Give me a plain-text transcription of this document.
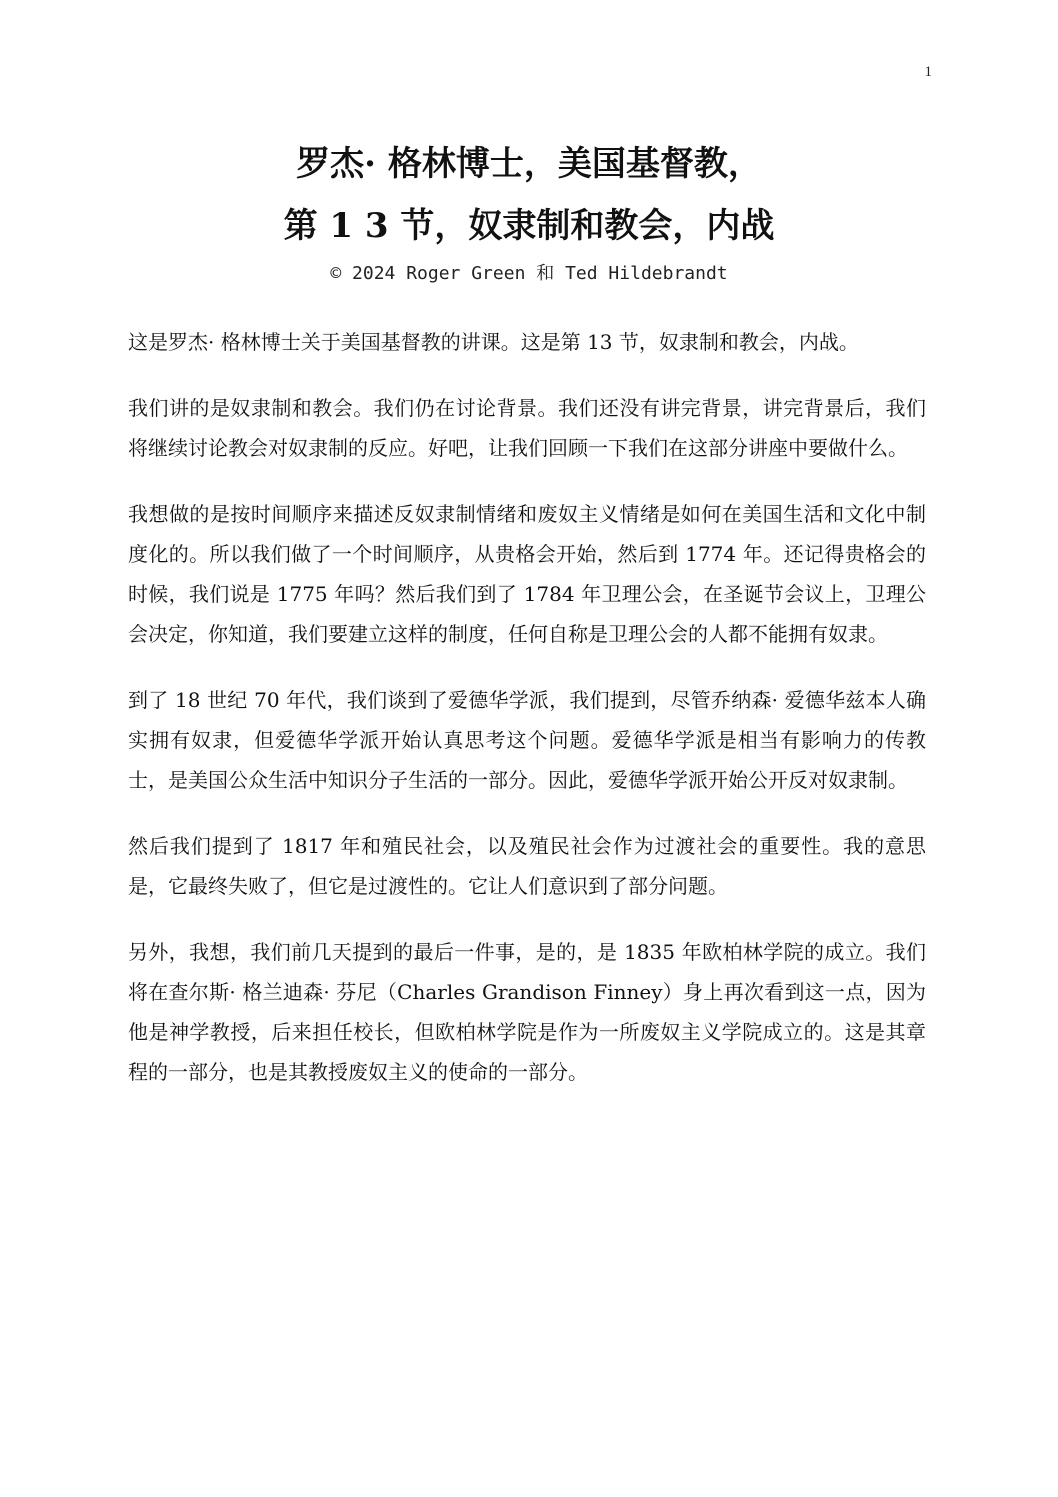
1
罗杰· 格林博士，美国基督教，
第 1 3 节，奴隶制和教会，内战
© 2024 Roger Green 和 Ted Hildebrandt

这是罗杰· 格林博士关于美国基督教的讲课。这是第 13 节，奴隶制和教会，内战。

我们讲的是奴隶制和教会。我们仍在讨论背景。我们还没有讲完背景，讲完背景后，我们将继续讨论教会对奴隶制的反应。好吧，让我们回顾一下我们在这部分讲座中要做什么。

我想做的是按时间顺序来描述反奴隶制情绪和废奴主义情绪是如何在美国生活和文化中制度化的。所以我们做了一个时间顺序，从贵格会开始，然后到 1774 年。还记得贵格会的时候，我们说是 1775 年吗？然后我们到了 1784 年卫理公会，在圣诞节会议上，卫理公会决定，你知道，我们要建立这样的制度，任何自称是卫理公会的人都不能拥有奴隶。

到了 18 世纪 70 年代，我们谈到了爱德华学派，我们提到，尽管乔纳森· 爱德华兹本人确实拥有奴隶，但爱德华学派开始认真思考这个问题。爱德华学派是相当有影响力的传教士，是美国公众生活中知识分子生活的一部分。因此，爱德华学派开始公开反对奴隶制。

然后我们提到了 1817 年和殖民社会，以及殖民社会作为过渡社会的重要性。我的意思是，它最终失败了，但它是过渡性的。它让人们意识到了部分问题。

另外，我想，我们前几天提到的最后一件事，是的，是 1835 年欧柏林学院的成立。我们将在查尔斯· 格兰迪森· 芬尼（Charles Grandison Finney）身上再次看到这一点，因为他是神学教授，后来担任校长，但欧柏林学院是作为一所废奴主义学院成立的。这是其章程的一部分，也是其教授废奴主义的使命的一部分。
